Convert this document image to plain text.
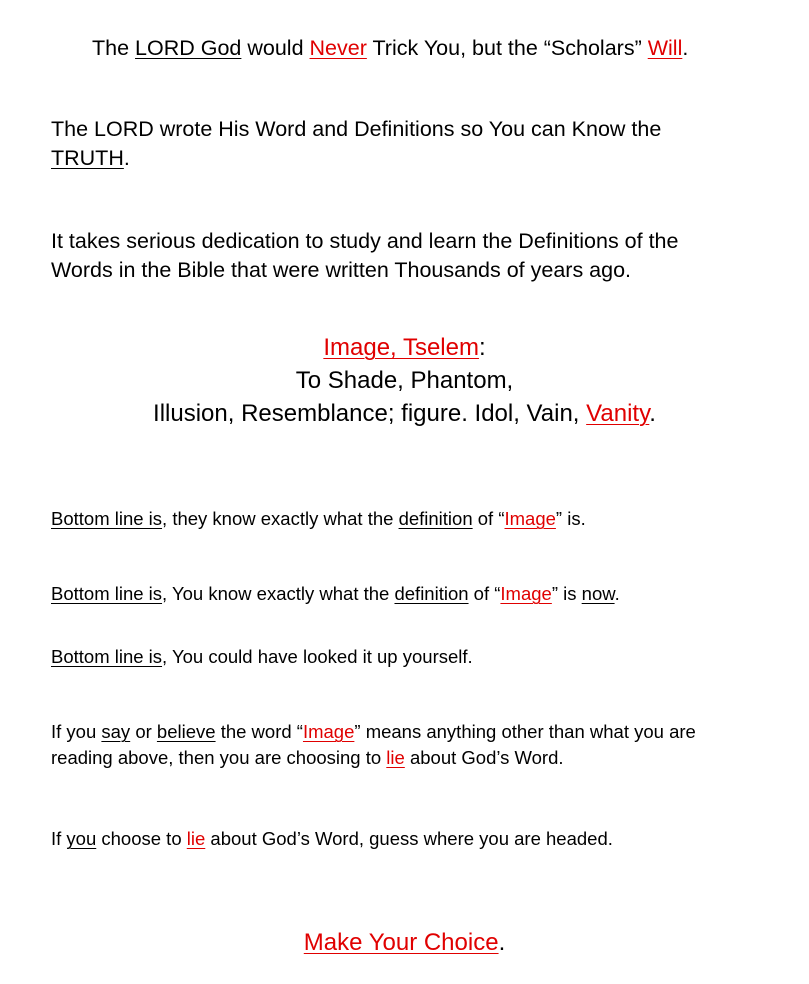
The LORD God would Never Trick You, but the “Scholars” Will.

The LORD wrote His Word and Definitions so You can Know the

TRUTH.

It takes serious dedication to study and learn the Definitions of the

Words in the Bible that were written Thousands of years ago.

Image, Tselem:

To Shade, Phantom,

Illusion, Resemblance; figure. Idol, Vain, Vanity.

Bottom line is, they know exactly what the definition of “Image” is.

Bottom line is, You know exactly what the definition of “Image” is now.

Bottom line is, You could have looked it up yourself.

If you say or believe the word “Image” means anything other than what you are

reading above, then you are choosing to lie about God’s Word.

If you choose to lie about God’s Word, guess where you are headed.

Make Your Choice.
